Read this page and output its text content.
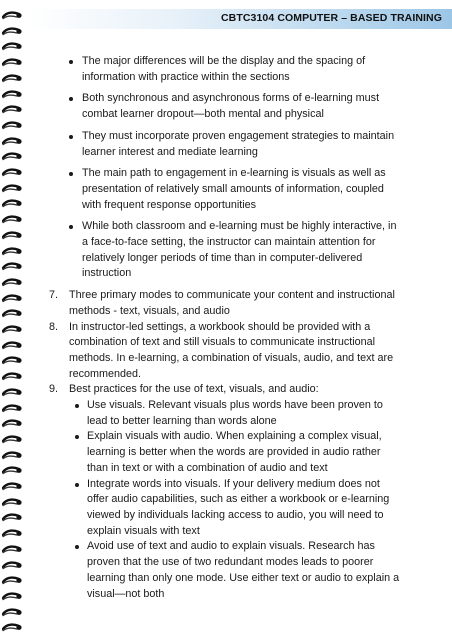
CBTC3104 COMPUTER – BASED TRAINING
The major differences will be the display and the spacing of information with practice within the sections
Both synchronous and asynchronous forms of e-learning must combat learner dropout—both mental and physical
They must incorporate proven engagement strategies to maintain learner interest and mediate learning
The main path to engagement in e-learning is visuals as well as presentation of relatively small amounts of information, coupled with frequent response opportunities
While both classroom and e-learning must be highly interactive, in a face-to-face setting, the instructor can maintain attention for relatively longer periods of time than in computer-delivered instruction
7. Three primary modes to communicate your content and instructional methods - text, visuals, and audio
8. In instructor-led settings, a workbook should be provided with a combination of text and still visuals to communicate instructional methods. In e-learning, a combination of visuals, audio, and text are recommended.
9. Best practices for the use of text, visuals, and audio:
Use visuals. Relevant visuals plus words have been proven to lead to better learning than words alone
Explain visuals with audio. When explaining a complex visual, learning is better when the words are provided in audio rather than in text or with a combination of audio and text
Integrate words into visuals. If your delivery medium does not offer audio capabilities, such as either a workbook or e-learning viewed by individuals lacking access to audio, you will need to explain visuals with text
Avoid use of text and audio to explain visuals. Research has proven that the use of two redundant modes leads to poorer learning than only one mode. Use either text or audio to explain a visual—not both
